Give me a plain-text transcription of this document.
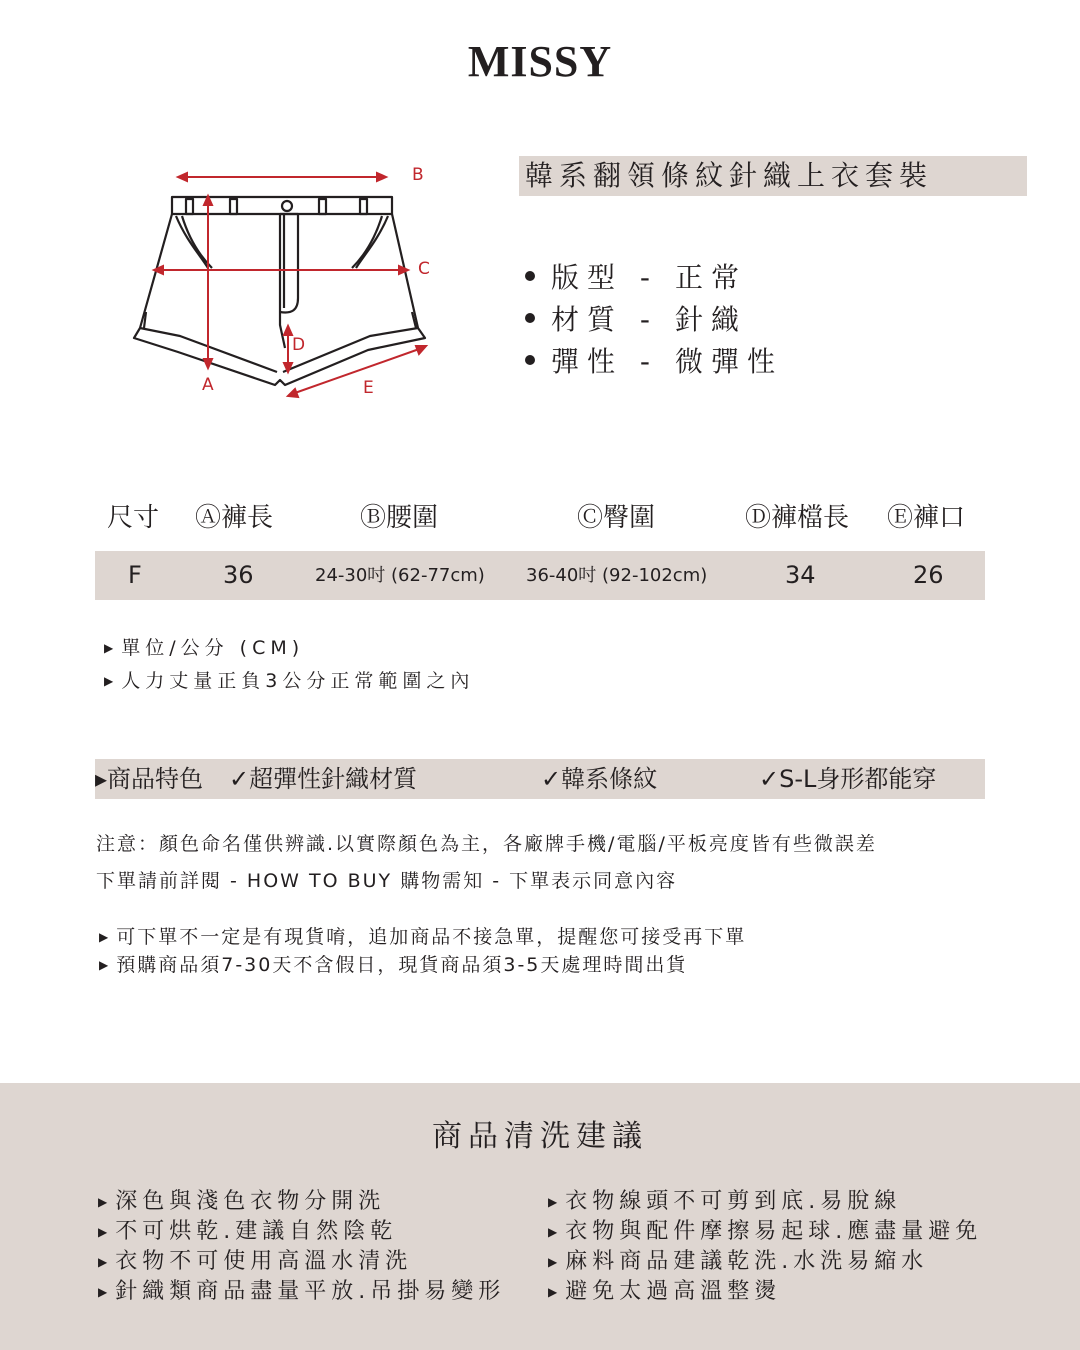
MISSY
B
C
D
A	E
韓系翻領條紋針織上衣套裝
版型 - 正常
材質 - 針織
彈性 - 微彈性
尺寸 Ⓐ褲長	Ⓑ腰圍	Ⓒ臀圍	Ⓓ褲檔長 Ⓔ褲口
F	36	24-30吋 (62-77cm) 36-40吋 (92-102cm)	34	26
▶ 單位/公分 (CM)
▶ 人力丈量正負3公分正常範圍之內
▸商品特色 ✓超彈性針織材質	✓韓系條紋	✓S-L身形都能穿
注意：顏色命名僅供辨識.以實際顏色為主，各廠牌手機/電腦/平板亮度皆有些微誤差
下單請前詳閱 - HOW TO BUY 購物需知 - 下單表示同意內容
▶ 可下單不一定是有現貨唷，追加商品不接急單，提醒您可接受再下單
▶ 預購商品須7-30天不含假日，現貨商品須3-5天處理時間出貨
商品清洗建議
▶ 深色與淺色衣物分開洗
▶ 不可烘乾.建議自然陰乾
▶ 衣物不可使用高溫水清洗
▶ 針織類商品盡量平放.吊掛易變形
▶ 衣物線頭不可剪到底.易脫線
▶ 衣物與配件摩擦易起球.應盡量避免
▶ 麻料商品建議乾洗.水洗易縮水
▶ 避免太過高溫整燙
